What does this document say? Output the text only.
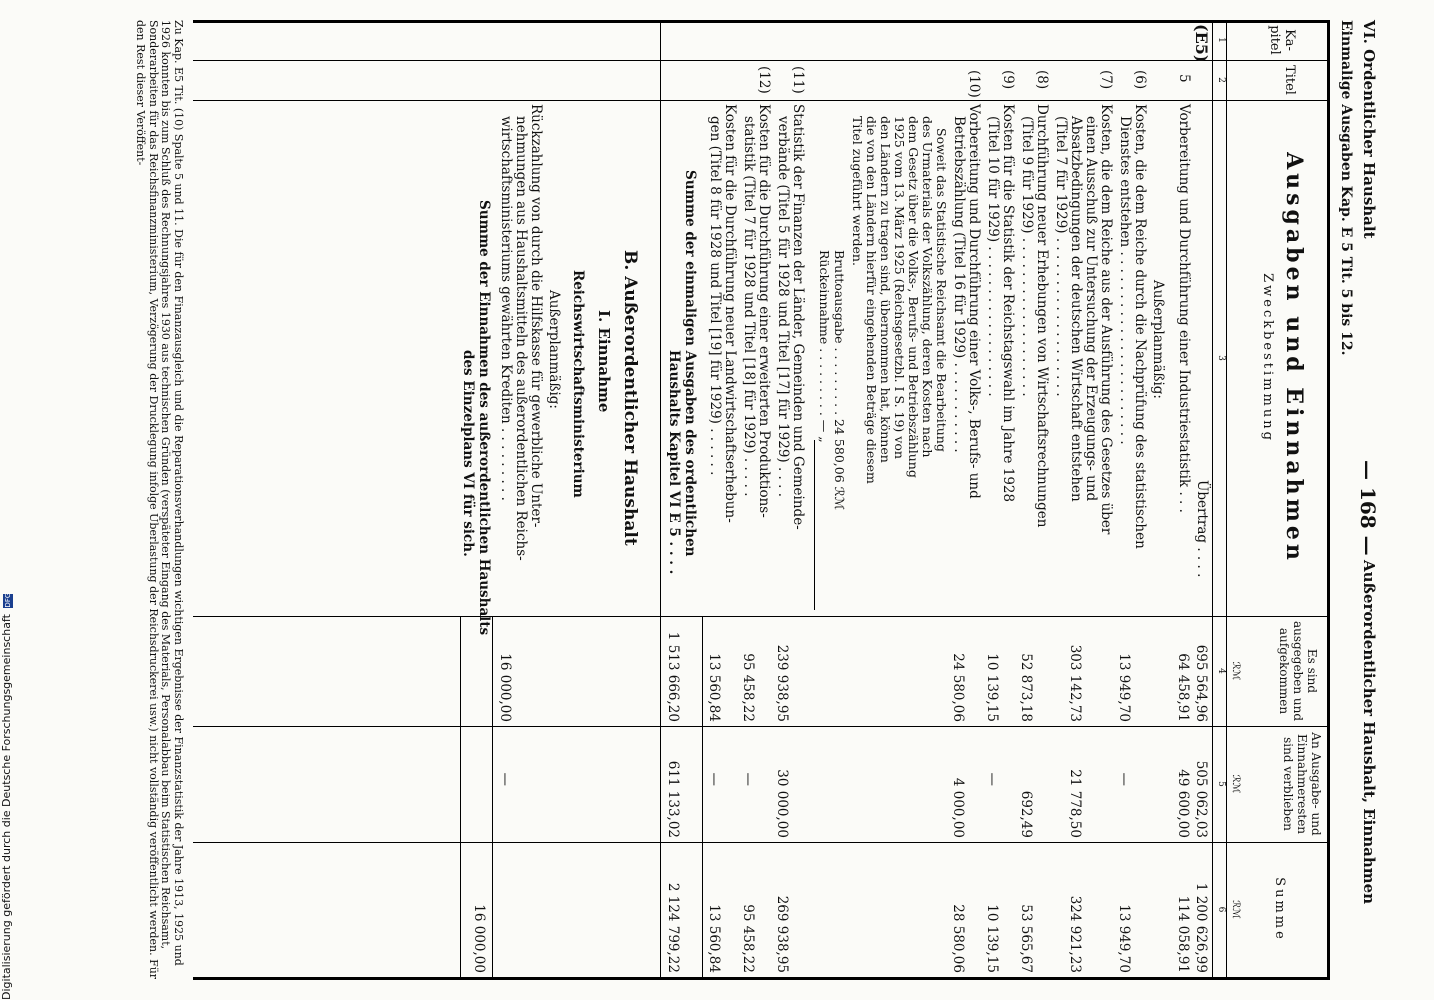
VI. Ordentlicher Haushalt
— 168 —
Außerordentlicher Haushalt, Einnahmen
Einmalige Ausgaben Kap. E 5 Tit. 5 bis 12.
Ka-pitel
Titel
Ausgaben und Einnahmen
Zweckbestimmung
Es sind ausgegeben und aufgekommen
An Ausgabe- und Einnahmeresten sind verblieben
Summe
ℛℳ
ℛℳ
ℛℳ
1
2
3
4
5
6
(E5)
Übertrag . . . .
695 564,96
505 062,03
1 200 626,99
5
Vorbereitung und Durchführung einer Industriestatistik . . .
64 458,91
49 600,00
114 058,91
Außerplanmäßig:
(6)
Kosten, die dem Reiche durch die Nachprüfung des statistischen
Dienstes entstehen . . . . . . . . . . . . . . . . . . . . . . .
13 949,70
—
13 949,70
(7)
Kosten, die dem Reiche aus der Ausführung des Gesetzes über
einen Ausschuß zur Untersuchung der Erzeugungs- und
Absatzbedingungen der deutschen Wirtschaft entstehen
(Titel 7 für 1929) . . . . . . . . . . . . . . . . . . .
303 142,73
21 778,50
324 921,23
(8)
Durchführung neuer Erhebungen von Wirtschaftsrechnungen
(Titel 9 für 1929) . . . . . . . . . . . . . . . . . . .
52 873,18
692,49
53 565,67
(9)
Kosten für die Statistik der Reichstagswahl im Jahre 1928
(Titel 10 für 1929) . . . . . . . . . . . . . . . . . .
10 139,15
—
10 139,15
(10)
Vorbereitung und Durchführung einer Volks-, Berufs- und
Betriebszählung (Titel 16 für 1929) . . . . . . . . . . .
24 580,06
4 000,00
28 580,06
Soweit das Statistische Reichsamt die Bearbeitung
des Urmaterials der Volkszählung, deren Kosten nach
dem Gesetz über die Volks-, Berufs- und Betriebszählung
1925 vom 13. März 1925 (Reichsgesetzbl. I S. 19) von
den Ländern zu tragen sind, übernommen hat, können
die von den Ländern hierfür eingehenden Beträge diesem
Titel zugeführt werden.
Bruttoausgabe . . . . . . . . . 24 580,06 ℛℳ
Rückeinnahme . . . . . . . . . — „
(11)
Statistik der Finanzen der Länder, Gemeinden und Gemeinde-
verbände (Titel 5 für 1928 und Titel [17] für 1929) . . . .
239 938,95
30 000,00
269 938,95
(12)
Kosten für die Durchführung einer erweiterten Produktions-
statistik (Titel 7 für 1928 und Titel [18] für 1929) . . . . .
95 458,22
—
95 458,22
Kosten für die Durchführung neuer Landwirtschaftserhebun-
gen (Titel 8 für 1928 und Titel [19] für 1929) . . . . . .
13 560,84
—
13 560,84
Summe der einmaligen Ausgaben des ordentlichen
Haushalts Kapitel VI E 5 . . . .
1 513 666,20
611 133,02
2 124 799,22
B. Außerordentlicher Haushalt
I. Einnahme
Reichswirtschaftsministerium
Außerplanmäßig:
Rückzahlung von durch die Hilfskasse für gewerbliche Unter-
nehmungen aus Haushaltsmitteln des außerordentlichen Reichs-
wirtschaftsministeriums gewährten Krediten . . . . . . . . .
16 000,00
—
16 000,00
Summe der Einnahmen des außerordentlichen Haushalts
des Einzelplans VI für sich.
Zu Kap. E5 Tit. (10) Spalte 5 und 11. Die für den Finanzausgleich und die Reparationsverhandlungen wichtigen Ergebnisse der Finanzstatistik der Jahre 1913, 1925 und 1926 konnten bis zum Schluß des Rechnungsjahres 1930 aus technischen Gründen (verspäteter Eingang des Materials, Personalabbau beim Statistischen Reichsamt, Sonderarbeiten für das Reichsfinanzministerium, Verzögerung der Drucklegung infolge Überlastung der Reichsdruckerei usw.) nicht vollständig veröffentlicht werden. Für den Rest dieser Veröffent-
Digitalisierung gefördert durch die Deutsche Forschungsgemeinschaft DFG
